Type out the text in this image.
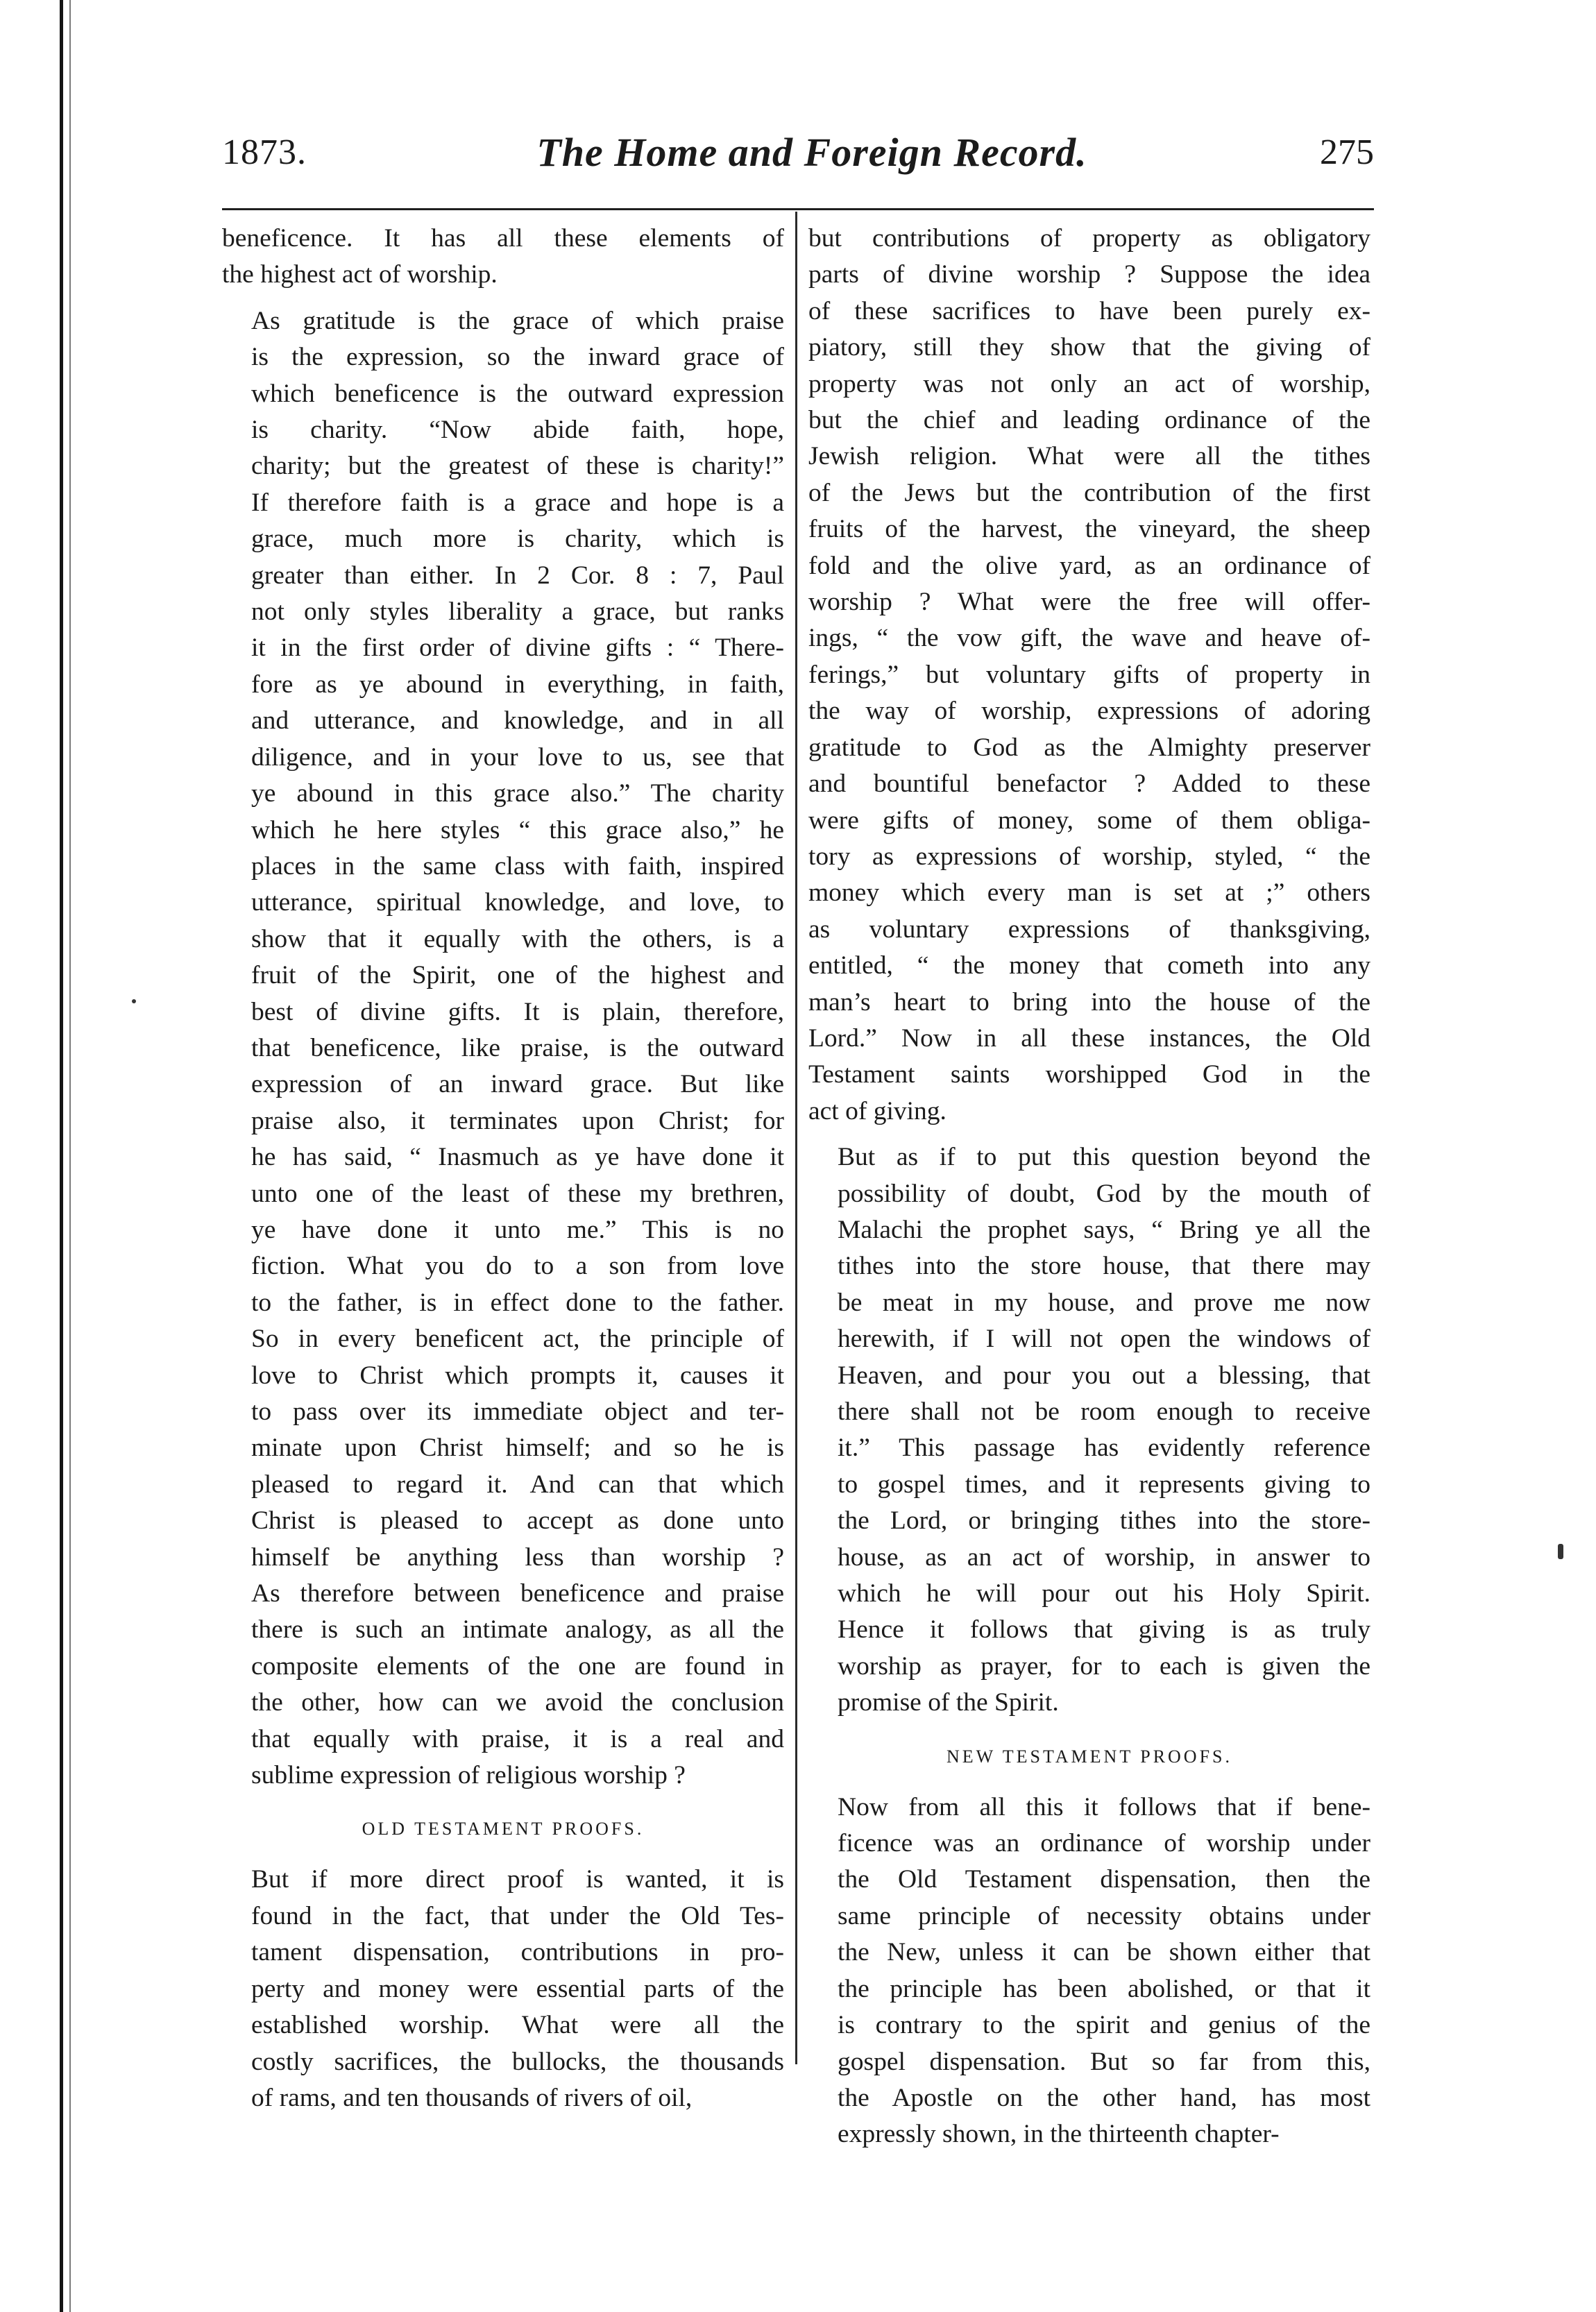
1873.	The Home and Foreign Record.	275

beneficence. It has all these elements of
the highest act of worship.

As gratitude is the grace of which praise
is the expression, so the inward grace of
which beneficence is the outward expression
is charity. “Now abide faith, hope,
charity; but the greatest of these is charity!”
If therefore faith is a grace and hope is a
grace, much more is charity, which is
greater than either. In 2 Cor. 8 : 7, Paul
not only styles liberality a grace, but ranks
it in the first order of divine gifts : “ There-
fore as ye abound in everything, in faith,
and utterance, and knowledge, and in all
diligence, and in your love to us, see that
ye abound in this grace also.” The charity
which he here styles “ this grace also,” he
places in the same class with faith, inspired
utterance, spiritual knowledge, and love, to
show that it equally with the others, is a
fruit of the Spirit, one of the highest and
best of divine gifts. It is plain, therefore,
that beneficence, like praise, is the outward
expression of an inward grace. But like
praise also, it terminates upon Christ; for
he has said, “ Inasmuch as ye have done it
unto one of the least of these my brethren,
ye have done it unto me.” This is no
fiction. What you do to a son from love
to the father, is in effect done to the father.
So in every beneficent act, the principle of
love to Christ which prompts it, causes it
to pass over its immediate object and ter-
minate upon Christ himself; and so he is
pleased to regard it. And can that which
Christ is pleased to accept as done unto
himself be anything less than worship ?
As therefore between beneficence and praise
there is such an intimate analogy, as all the
composite elements of the one are found in
the other, how can we avoid the conclusion
that equally with praise, it is a real and
sublime expression of religious worship ?

OLD TESTAMENT PROOFS.

But if more direct proof is wanted, it is
found in the fact, that under the Old Tes-
tament dispensation, contributions in pro-
perty and money were essential parts of the
established worship. What were all the
costly sacrifices, the bullocks, the thousands
of rams, and ten thousands of rivers of oil,

but contributions of property as obligatory
parts of divine worship ? Suppose the idea
of these sacrifices to have been purely ex-
piatory, still they show that the giving of
property was not only an act of worship,
but the chief and leading ordinance of the
Jewish religion. What were all the tithes
of the Jews but the contribution of the first
fruits of the harvest, the vineyard, the sheep
fold and the olive yard, as an ordinance of
worship ? What were the free will offer-
ings, “ the vow gift, the wave and heave of-
ferings,” but voluntary gifts of property in
the way of worship, expressions of adoring
gratitude to God as the Almighty preserver
and bountiful benefactor ? Added to these
were gifts of money, some of them obliga-
tory as expressions of worship, styled, “ the
money which every man is set at ;” others
as voluntary expressions of thanksgiving,
entitled, “ the money that cometh into any
man’s heart to bring into the house of the
Lord.” Now in all these instances, the Old
Testament saints worshipped God in the
act of giving.

But as if to put this question beyond the
possibility of doubt, God by the mouth of
Malachi the prophet says, “ Bring ye all the
tithes into the store house, that there may
be meat in my house, and prove me now
herewith, if I will not open the windows of
Heaven, and pour you out a blessing, that
there shall not be room enough to receive
it.” This passage has evidently reference
to gospel times, and it represents giving to
the Lord, or bringing tithes into the store-
house, as an act of worship, in answer to
which he will pour out his Holy Spirit.
Hence it follows that giving is as truly
worship as prayer, for to each is given the
promise of the Spirit.

NEW TESTAMENT PROOFS.

Now from all this it follows that if bene-
ficence was an ordinance of worship under
the Old Testament dispensation, then the
same principle of necessity obtains under
the New, unless it can be shown either that
the principle has been abolished, or that it
is contrary to the spirit and genius of the
gospel dispensation. But so far from this,
the Apostle on the other hand, has most
expressly shown, in the thirteenth chapter-
